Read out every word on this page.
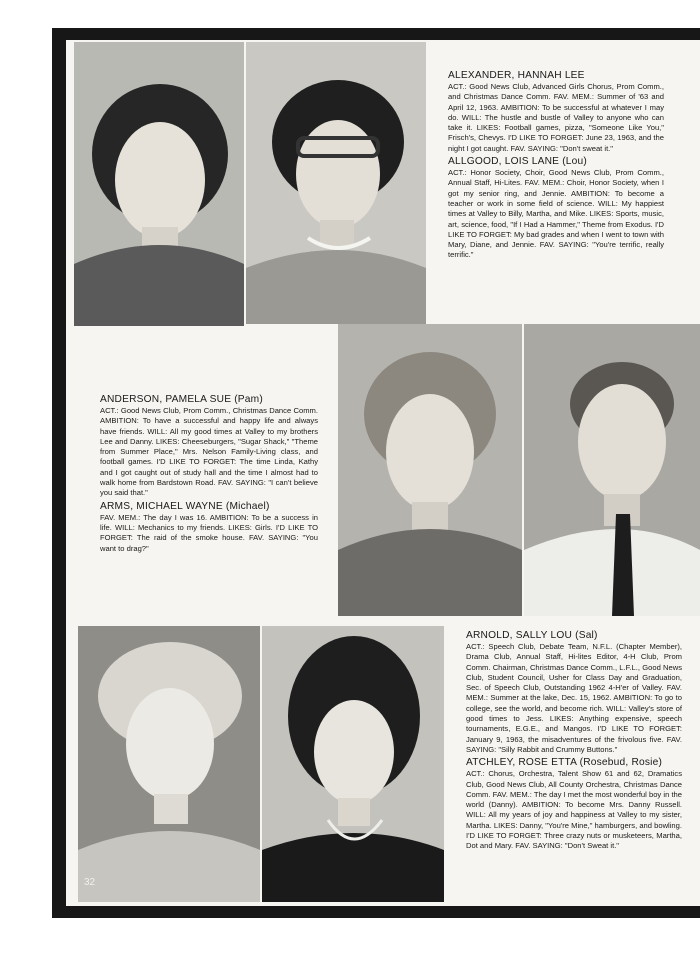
ALEXANDER, HANNAH LEE

ACT.: Good News Club, Advanced Girls Chorus, Prom Comm., and Christmas Dance Comm. FAV. MEM.: Summer of '63 and April 12, 1963. AMBITION: To be successful at whatever I may do. WILL: The hustle and bustle of Valley to anyone who can take it. LIKES: Football games, pizza, "Someone Like You," Frisch's, Chevys. I'D LIKE TO FORGET: June 23, 1963, and the night I got caught. FAV. SAYING: "Don't sweat it."

ALLGOOD, LOIS LANE (Lou)

ACT.: Honor Society, Choir, Good News Club, Prom Comm., Annual Staff, Hi-Lites. FAV. MEM.: Choir, Honor Society, when I got my senior ring, and Jennie. AMBITION: To become a teacher or work in some field of science. WILL: My happiest times at Valley to Billy, Martha, and Mike. LIKES: Sports, music, art, science, food, "If I Had a Hammer," Theme from Exodus. I'D LIKE TO FORGET: My bad grades and when I went to town with Mary, Diane, and Jennie. FAV. SAYING: "You're terrific, really terrific."

ANDERSON, PAMELA SUE (Pam)

ACT.: Good News Club, Prom Comm., Christmas Dance Comm. AMBITION: To have a successful and happy life and always have friends. WILL: All my good times at Valley to my brothers Lee and Danny. LIKES: Cheeseburgers, "Sugar Shack," "Theme from Summer Place," Mrs. Nelson Family-Living class, and football games. I'D LIKE TO FORGET: The time Linda, Kathy and I got caught out of study hall and the time I almost had to walk home from Bardstown Road. FAV. SAYING: "I can't believe you said that."

ARMS, MICHAEL WAYNE (Michael)

FAV. MEM.: The day I was 16. AMBITION: To be a success in life. WILL: Mechanics to my friends. LIKES: Girls. I'D LIKE TO FORGET: The raid of the smoke house. FAV. SAYING: "You want to drag?"

ARNOLD, SALLY LOU (Sal)

ACT.: Speech Club, Debate Team, N.F.L. (Chapter Member), Drama Club, Annual Staff, Hi-lites Editor, 4-H Club, Prom Comm. Chairman, Christmas Dance Comm., L.F.L., Good News Club, Student Council, Usher for Class Day and Graduation, Sec. of Speech Club, Outstanding 1962 4-H'er of Valley. FAV. MEM.: Summer at the lake, Dec. 15, 1962. AMBITION: To go to college, see the world, and become rich. WILL: Valley's store of good times to Jess. LIKES: Anything expensive, speech tournaments, E.G.E., and Mangos. I'D LIKE TO FORGET: January 9, 1963, the misadventures of the frivolous five. FAV. SAYING: "Silly Rabbit and Crummy Buttons."

ATCHLEY, ROSE ETTA (Rosebud, Rosie)

ACT.: Chorus, Orchestra, Talent Show 61 and 62, Dramatics Club, Good News Club, All County Orchestra, Christmas Dance Comm. FAV. MEM.: The day I met the most wonderful boy in the world (Danny). AMBITION: To become Mrs. Danny Russell. WILL: All my years of joy and happiness at Valley to my sister, Martha. LIKES: Danny, "You're Mine," hamburgers, and bowling. I'D LIKE TO FORGET: Three crazy nuts or musketeers, Martha, Dot and Mary. FAV. SAYING: "Don't Sweat it."

32
